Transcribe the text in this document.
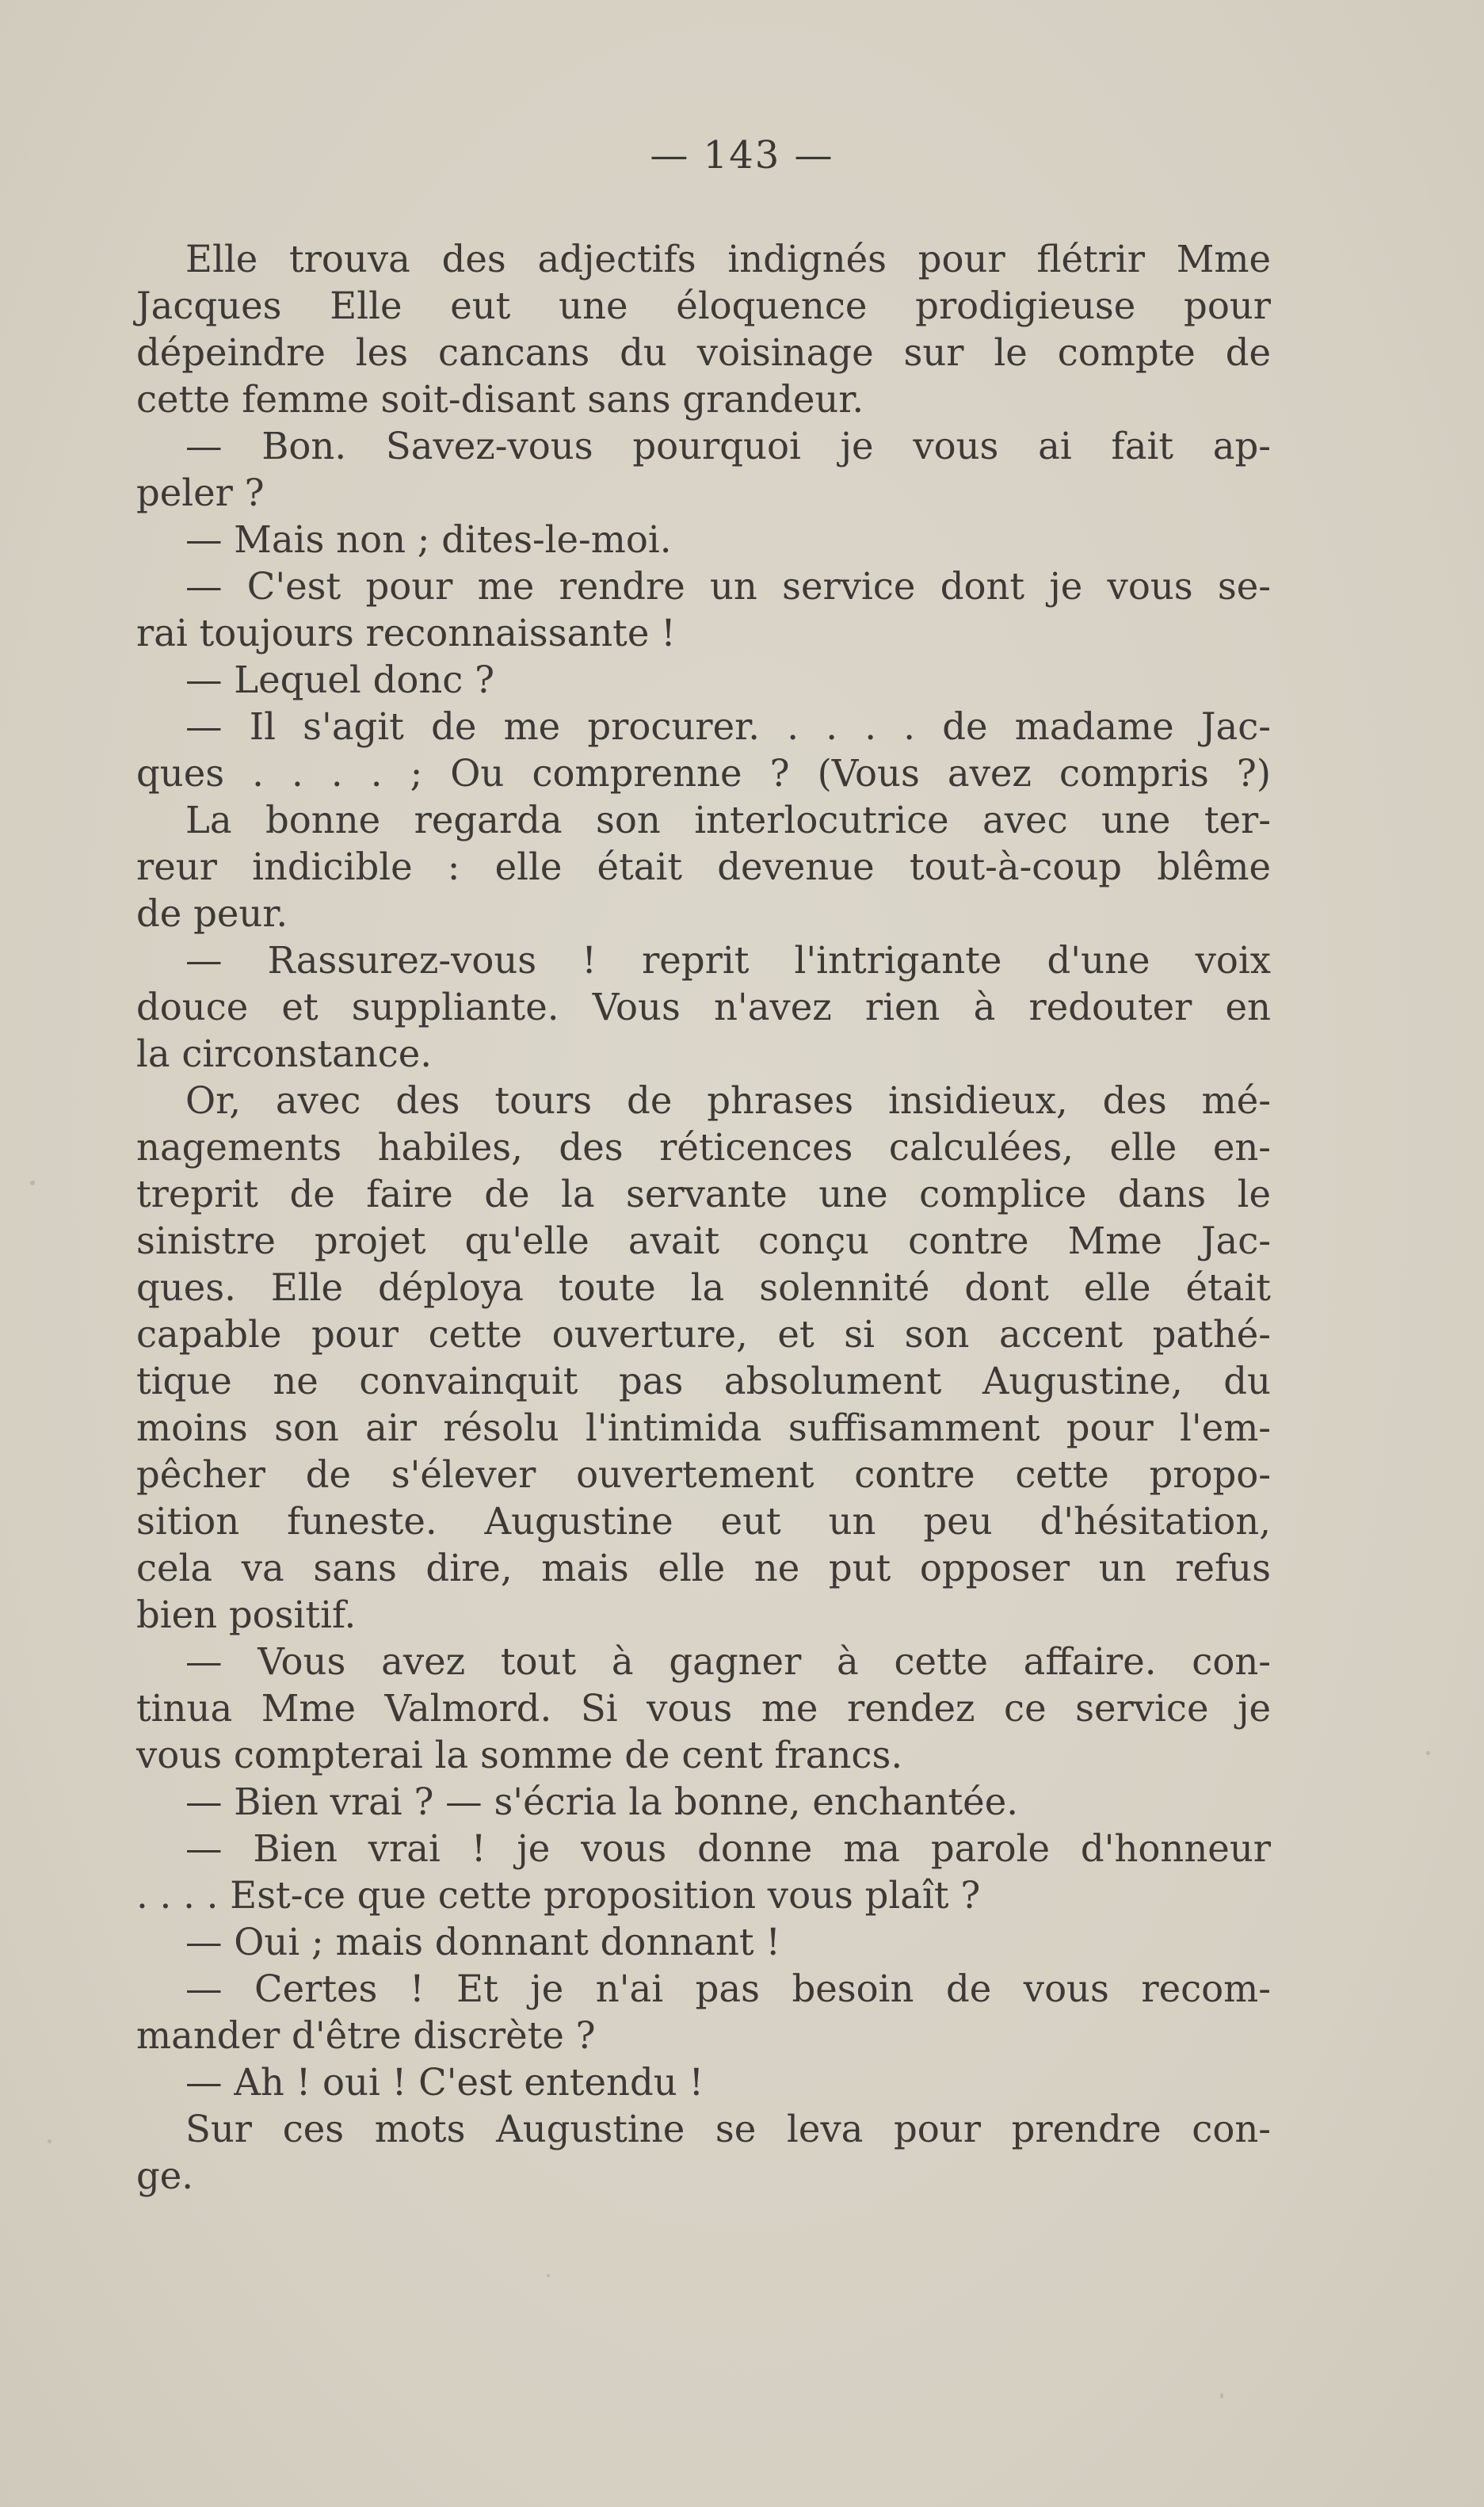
— 143 —
Elle trouva des adjectifs indignés pour flétrir Mme
Jacques Elle eut une éloquence prodigieuse pour
dépeindre les cancans du voisinage sur le compte de
cette femme soit-disant sans grandeur.
— Bon. Savez-vous pourquoi je vous ai fait ap-
peler ?
— Mais non ; dites-le-moi.
— C'est pour me rendre un service dont je vous se-
rai toujours reconnaissante !
— Lequel donc ?
— Il s'agit de me procurer. . . . . de madame Jac-
ques . . . . ; Ou comprenne ? (Vous avez compris ?)
La bonne regarda son interlocutrice avec une ter-
reur indicible : elle était devenue tout-à-coup blême
de peur.
— Rassurez-vous ! reprit l'intrigante d'une voix
douce et suppliante. Vous n'avez rien à redouter en
la circonstance.
Or, avec des tours de phrases insidieux, des mé-
nagements habiles, des réticences calculées, elle en-
treprit de faire de la servante une complice dans le
sinistre projet qu'elle avait conçu contre Mme Jac-
ques. Elle déploya toute la solennité dont elle était
capable pour cette ouverture, et si son accent pathé-
tique ne convainquit pas absolument Augustine, du
moins son air résolu l'intimida suffisamment pour l'em-
pêcher de s'élever ouvertement contre cette propo-
sition funeste. Augustine eut un peu d'hésitation,
cela va sans dire, mais elle ne put opposer un refus
bien positif.
— Vous avez tout à gagner à cette affaire. con-
tinua Mme Valmord. Si vous me rendez ce service je
vous compterai la somme de cent francs.
— Bien vrai ? — s'écria la bonne, enchantée.
— Bien vrai ! je vous donne ma parole d'honneur
. . . . Est-ce que cette proposition vous plaît ?
— Oui ; mais donnant donnant !
— Certes ! Et je n'ai pas besoin de vous recom-
mander d'être discrète ?
— Ah ! oui ! C'est entendu !
Sur ces mots Augustine se leva pour prendre con-
ge.
